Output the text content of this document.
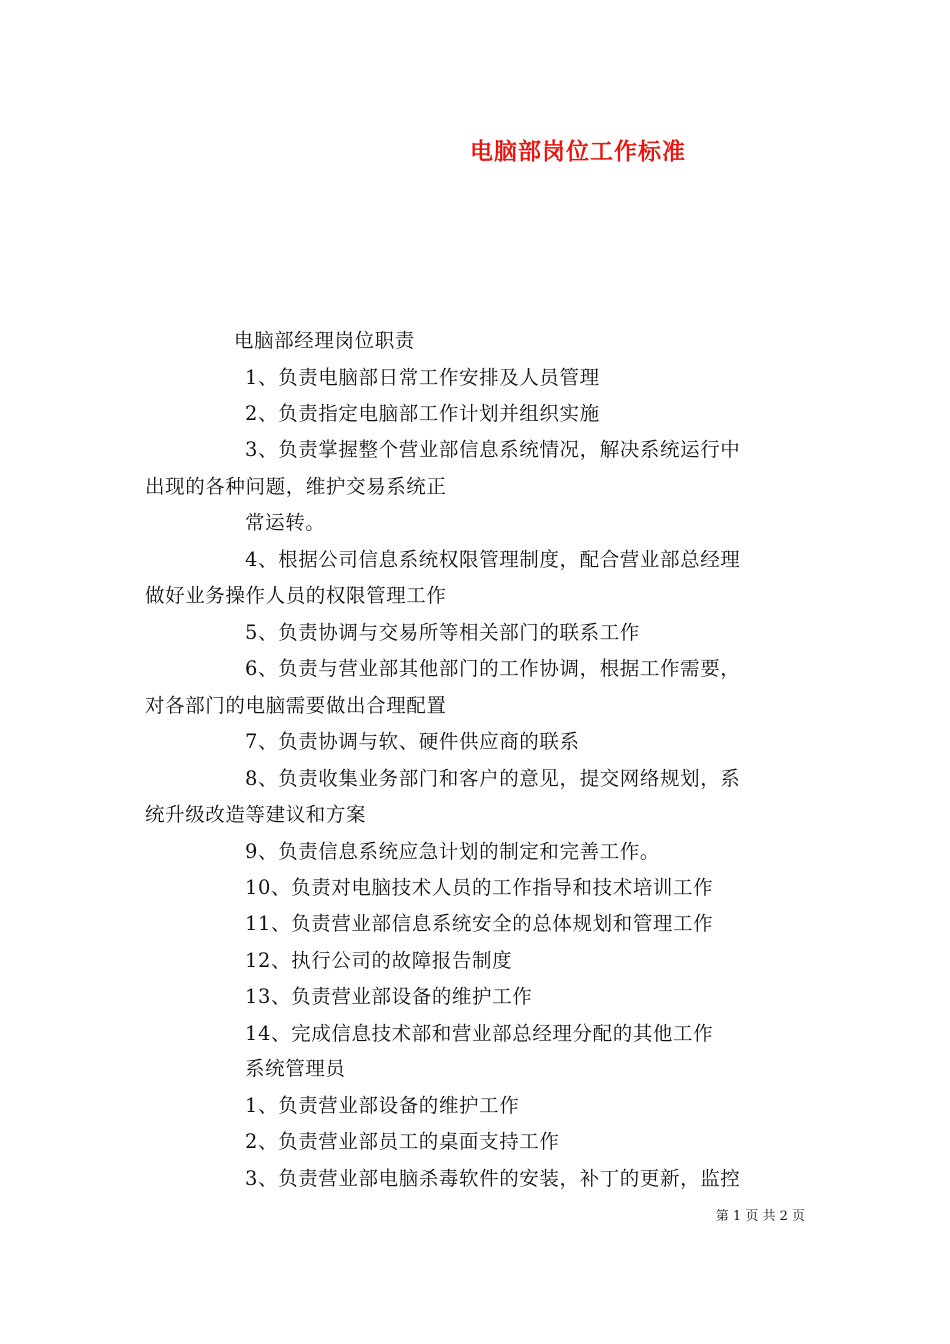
电脑部岗位工作标准
电脑部经理岗位职责
1、负责电脑部日常工作安排及人员管理
2、负责指定电脑部工作计划并组织实施
3、负责掌握整个营业部信息系统情况，解决系统运行中
出现的各种问题，维护交易系统正
常运转。
4、根据公司信息系统权限管理制度，配合营业部总经理
做好业务操作人员的权限管理工作
5、负责协调与交易所等相关部门的联系工作
6、负责与营业部其他部门的工作协调，根据工作需要，
对各部门的电脑需要做出合理配置
7、负责协调与软、硬件供应商的联系
8、负责收集业务部门和客户的意见，提交网络规划，系
统升级改造等建议和方案
9、负责信息系统应急计划的制定和完善工作。
10、负责对电脑技术人员的工作指导和技术培训工作
11、负责营业部信息系统安全的总体规划和管理工作
12、执行公司的故障报告制度
13、负责营业部设备的维护工作
14、完成信息技术部和营业部总经理分配的其他工作
系统管理员
1、负责营业部设备的维护工作
2、负责营业部员工的桌面支持工作
3、负责营业部电脑杀毒软件的安装，补丁的更新，监控
第 1 页 共 2 页
